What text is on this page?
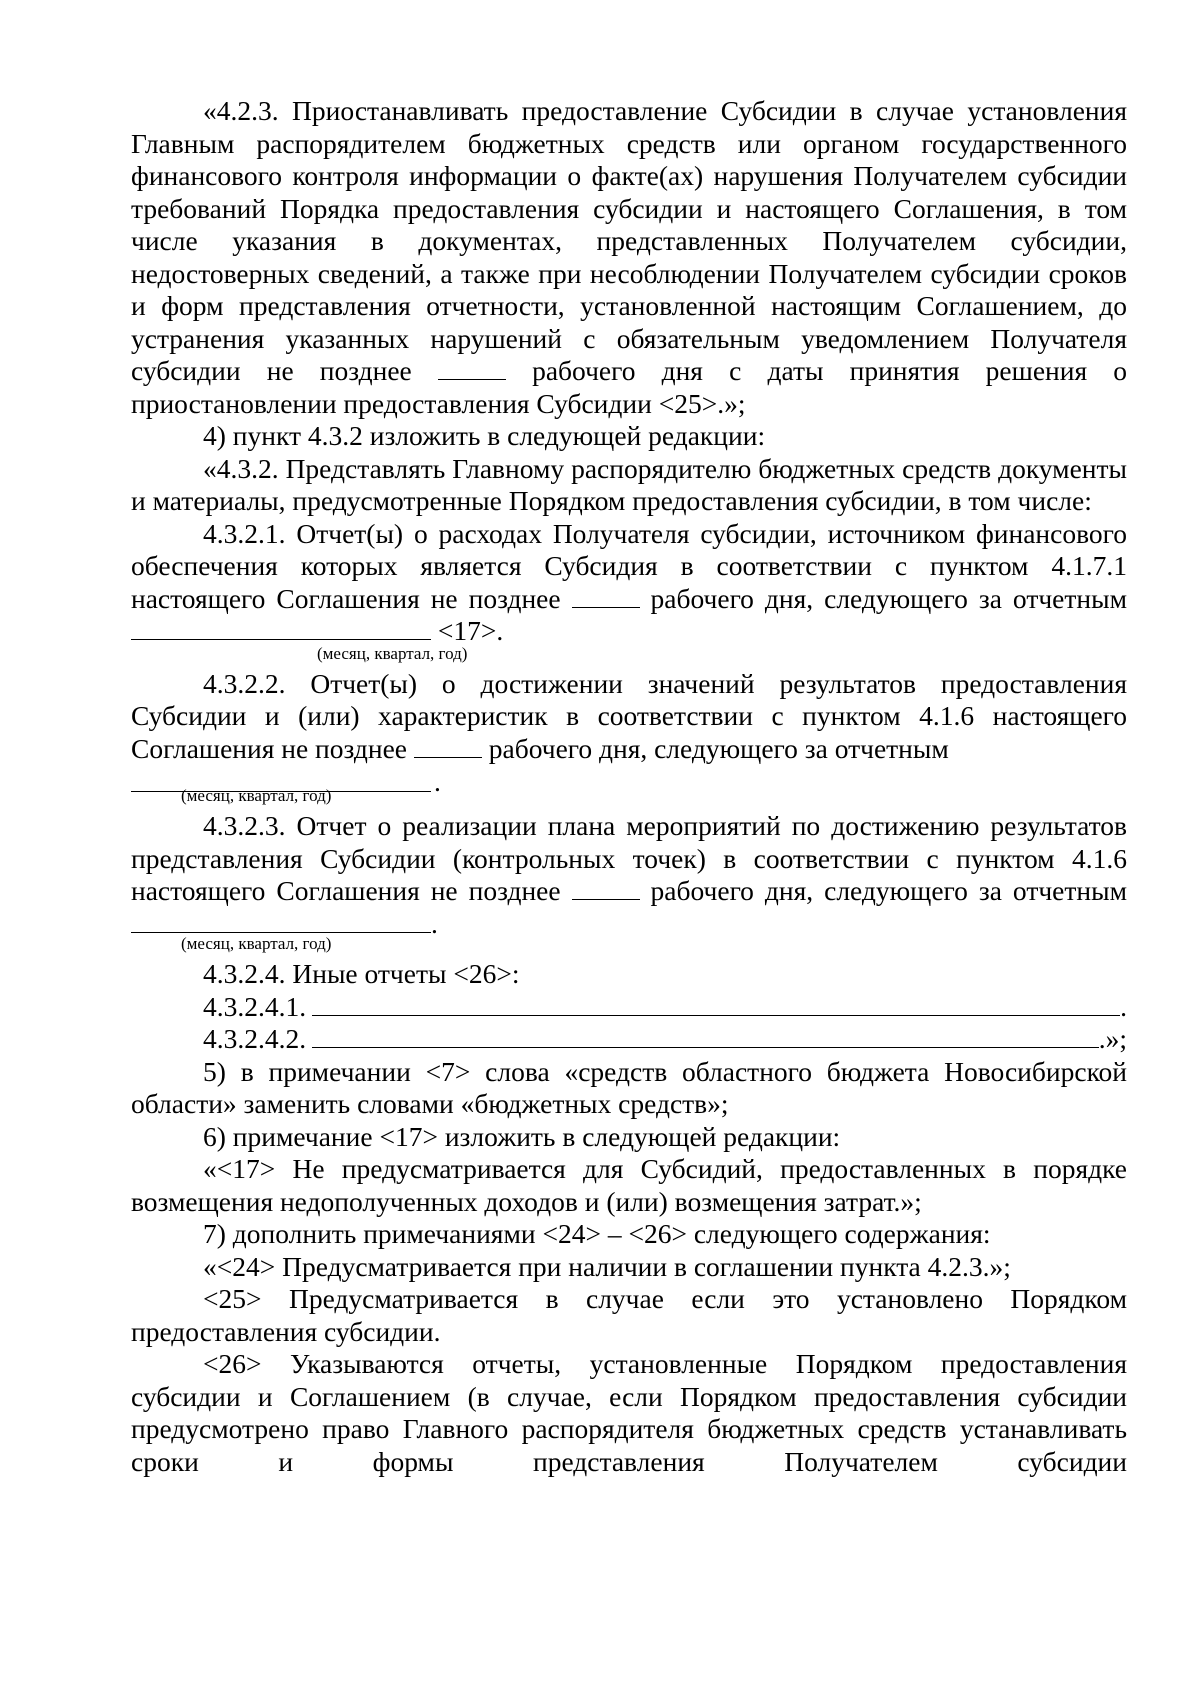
«4.2.3. Приостанавливать предоставление Субсидии в случае установления Главным распорядителем бюджетных средств или органом государственного финансового контроля информации о факте(ах) нарушения Получателем субсидии требований Порядка предоставления субсидии и настоящего Соглашения, в том числе указания в документах, представленных Получателем субсидии, недостоверных сведений, а также при несоблюдении Получателем субсидии сроков и форм представления отчетности, установленной настоящим Соглашением, до устранения указанных нарушений с обязательным уведомлением Получателя субсидии не позднее	рабочего дня с даты принятия решения о приостановлении предоставления Субсидии <25>.»;

4) пункт 4.3.2 изложить в следующей редакции:

«4.3.2. Представлять Главному распорядителю бюджетных средств документы и материалы, предусмотренные Порядком предоставления субсидии, в том числе:

4.3.2.1. Отчет(ы) о расходах Получателя субсидии, источником финансового обеспечения которых является Субсидия в соответствии с пунктом 4.1.7.1 настоящего Соглашения не позднее	рабочего дня, следующего за отчетным  <17>.

(месяц, квартал, год)

4.3.2.2. Отчет(ы) о достижении значений результатов предоставления Субсидии и (или) характеристик в соответствии с пунктом 4.1.6 настоящего Соглашения не позднее	рабочего дня, следующего за отчетным

.

(месяц, квартал, год)

4.3.2.3. Отчет о реализации плана мероприятий по достижению результатов представления Субсидии (контрольных точек) в соответствии с пунктом 4.1.6 настоящего Соглашения не позднее	рабочего дня, следующего за отчетным .

(месяц, квартал, год)

4.3.2.4. Иные отчеты <26>:

4.3.2.4.1.	.

4.3.2.4.2.	.»;

5) в примечании <7> слова «средств областного бюджета Новосибирской области» заменить словами «бюджетных средств»;

6) примечание <17> изложить в следующей редакции:

«<17> Не предусматривается для Субсидий, предоставленных в порядке возмещения недополученных доходов и (или) возмещения затрат.»;

7) дополнить примечаниями <24> – <26> следующего содержания:

«<24> Предусматривается при наличии в соглашении пункта 4.2.3.»;

<25> Предусматривается в случае если это установлено Порядком предоставления субсидии.

<26> Указываются отчеты, установленные Порядком предоставления субсидии и Соглашением (в случае, если Порядком предоставления субсидии предусмотрено право Главного распорядителя бюджетных средств устанавливать сроки и формы представления Получателем субсидии
